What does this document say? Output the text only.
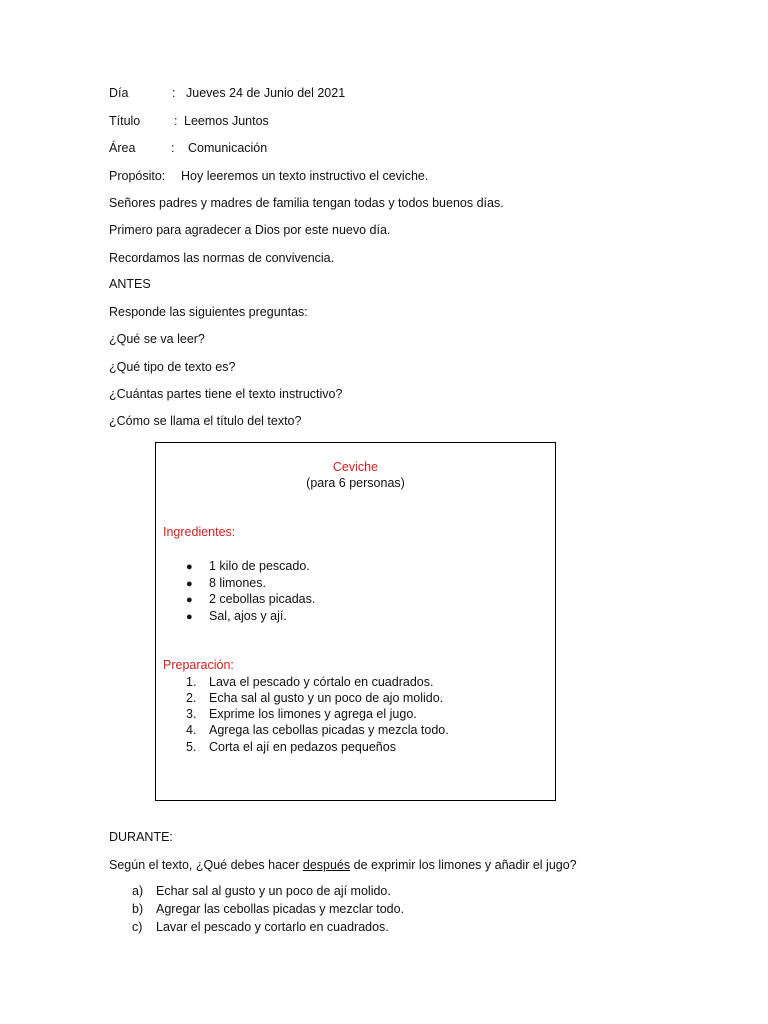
Día	: Jueves 24 de Junio del 2021
Título	: Leemos Juntos
Área	: Comunicación
Propósito: Hoy leeremos un texto instructivo el ceviche.
Señores padres y madres de familia tengan todas y todos buenos días.
Primero para agradecer a Dios por este nuevo día.
Recordamos las normas de convivencia.
ANTES
Responde las siguientes preguntas:
¿Qué se va leer?
¿Qué tipo de texto es?
¿Cuántas partes tiene el texto instructivo?
¿Cómo se llama el título del texto?
Ceviche
(para 6 personas)
Ingredientes:
● 1 kilo de pescado.
● 8 limones.
● 2 cebollas picadas.
● Sal, ajos y ají.
Preparación:
1. Lava el pescado y córtalo en cuadrados.
2. Echa sal al gusto y un poco de ajo molido.
3. Exprime los limones y agrega el jugo.
4. Agrega las cebollas picadas y mezcla todo.
5. Corta el ají en pedazos pequeños
DURANTE:
Según el texto, ¿Qué debes hacer después de exprimir los limones y añadir el jugo?
a) Echar sal al gusto y un poco de ají molido.
b) Agregar las cebollas picadas y mezclar todo.
c) Lavar el pescado y cortarlo en cuadrados.
